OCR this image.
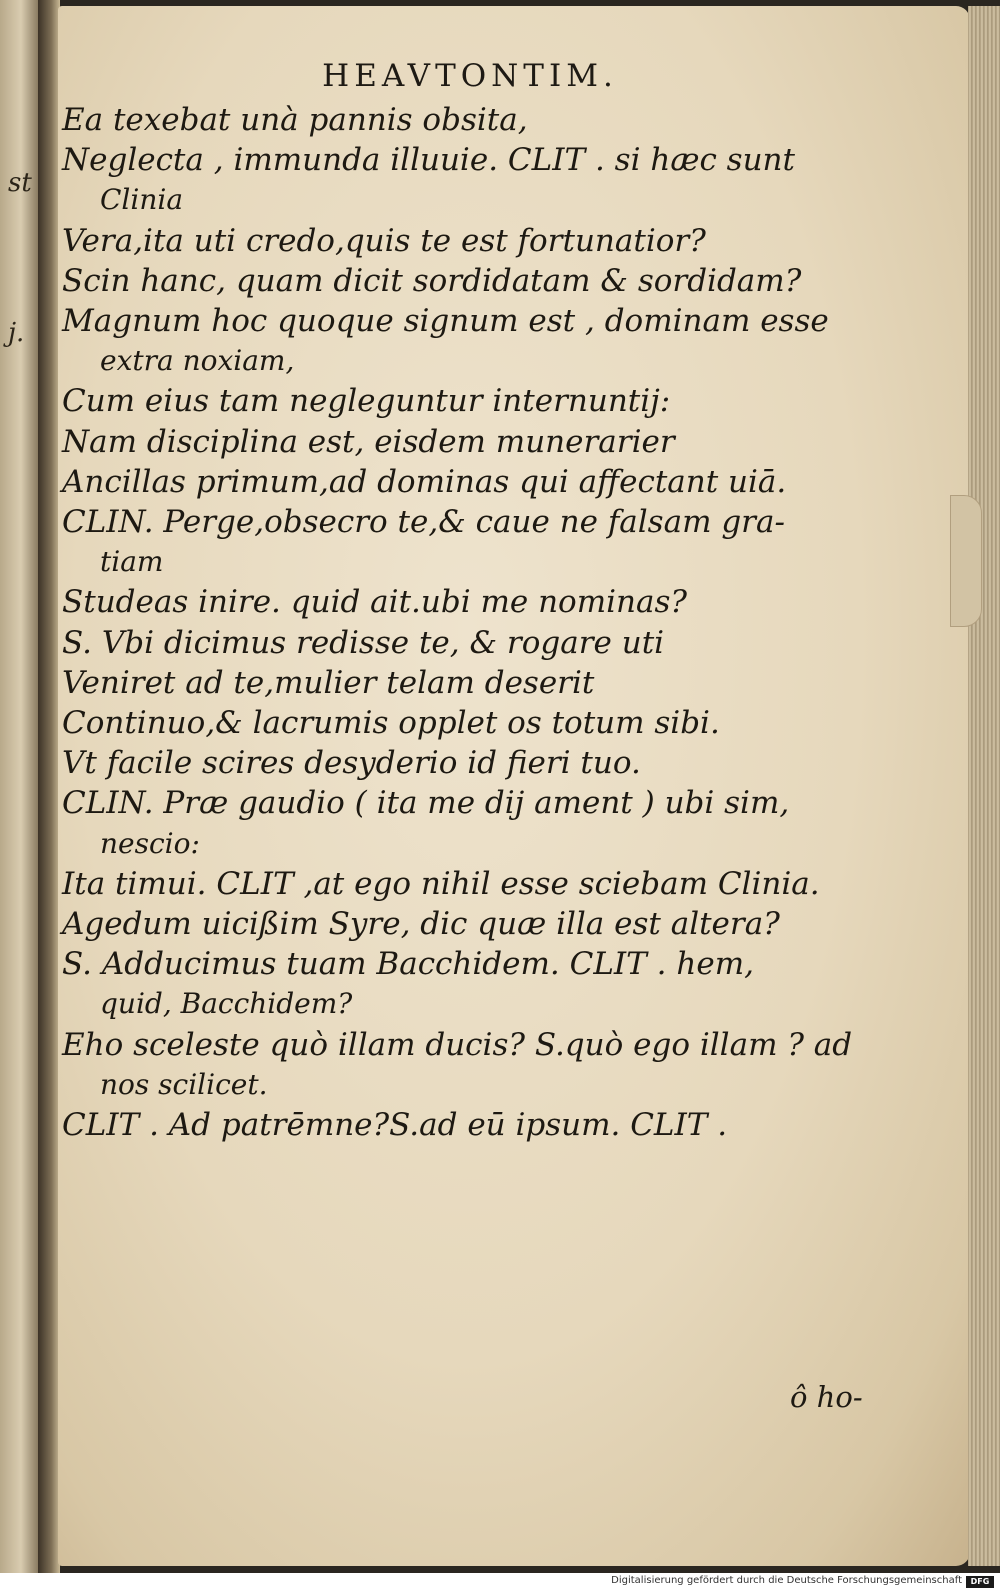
st
j.
HEAVTONTIM.
Ea texebat unà pannis obsita,
Neglecta , immunda illuuie. CLIT . si hæc sunt
Clinia
Vera,ita uti credo,quis te est fortunatior?
Scin hanc, quam dicit sordidatam & sordidam?
Magnum hoc quoque signum est , dominam esse
extra noxiam,
Cum eius tam negleguntur internuntij:
Nam disciplina est, eisdem munerarier
Ancillas primum,ad dominas qui affectant uiā.
CLIN. Perge,obsecro te,& caue ne falsam gra-
tiam
Studeas inire. quid ait.ubi me nominas?
S. Vbi dicimus redisse te, & rogare uti
Veniret ad te,mulier telam deserit
Continuo,& lacrumis opplet os totum sibi.
Vt facile scires desyderio id fieri tuo.
CLIN. Præ gaudio ( ita me dij ament ) ubi sim,
nescio:
Ita timui. CLIT ,at ego nihil esse sciebam Clinia.
Agedum uicißim Syre, dic quæ illa est altera?
S. Adducimus tuam Bacchidem. CLIT . hem,
quid, Bacchidem?
Eho sceleste quò illam ducis? S.quò ego illam ? ad
nos scilicet.
CLIT . Ad patrēmne?S.ad eū ipsum. CLIT .
ô ho-
Digitalisierung gefördert durch die Deutsche Forschungsgemeinschaft	DFG
